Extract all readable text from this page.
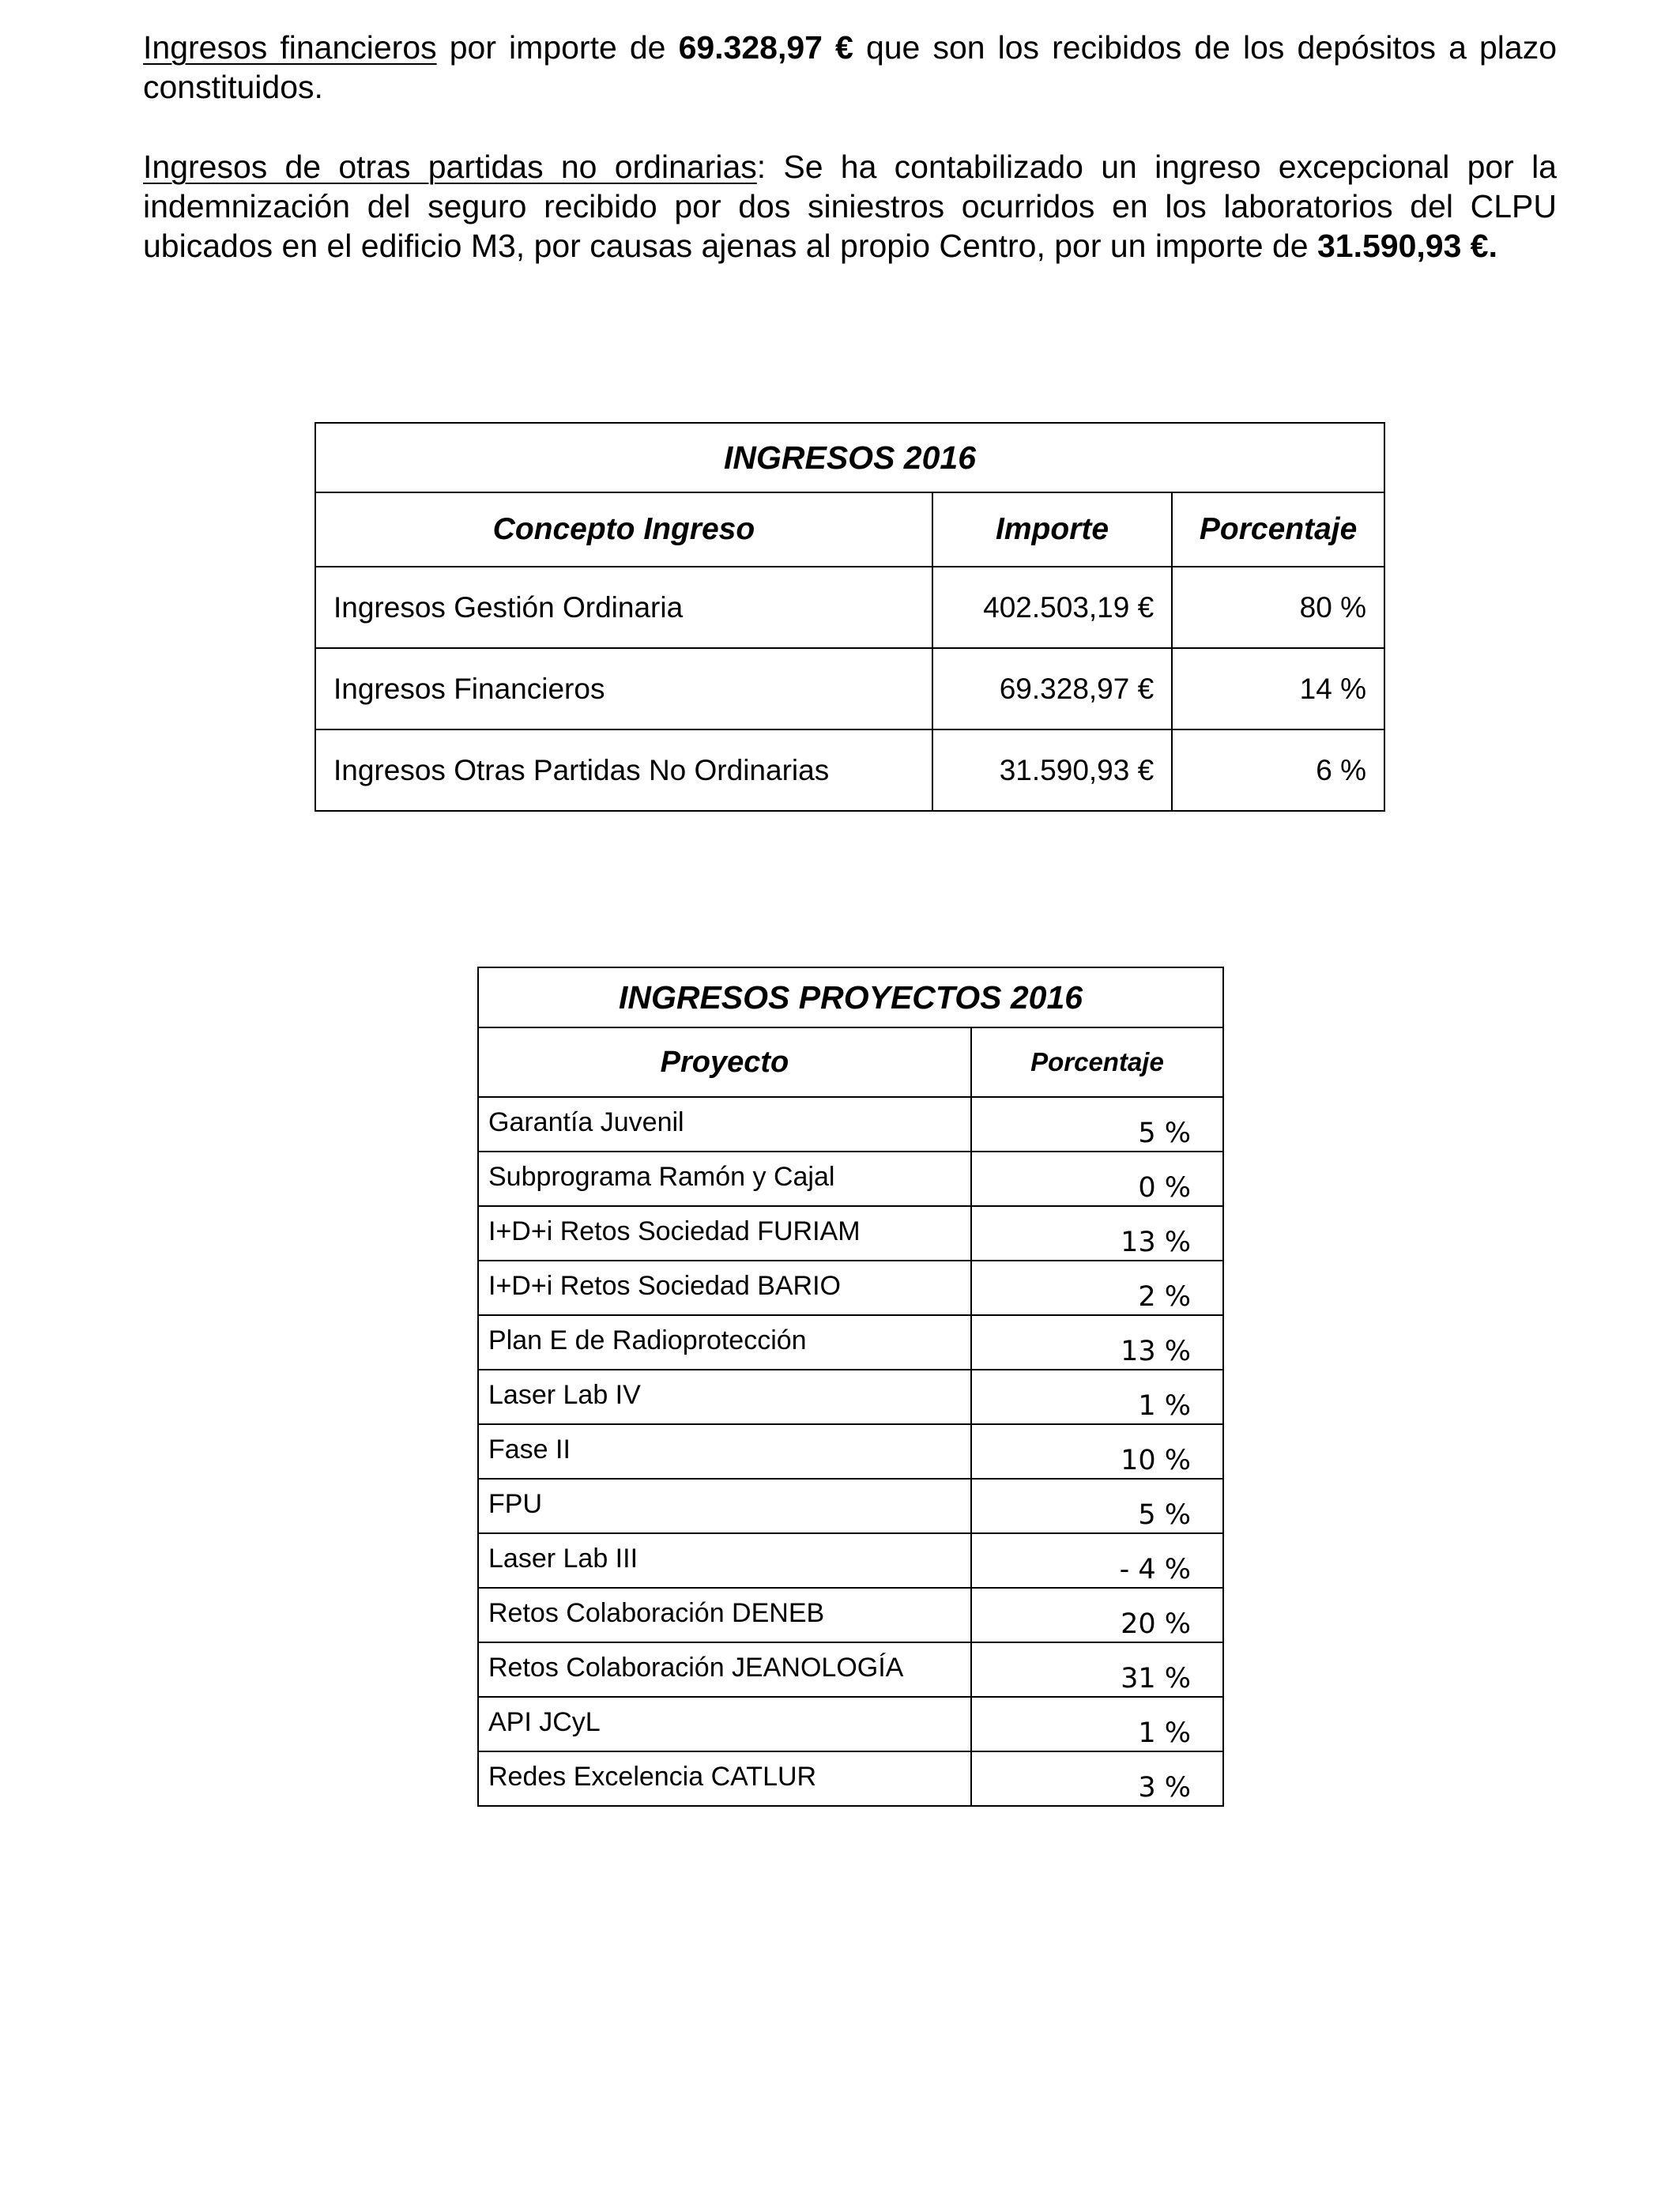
Ingresos financieros por importe de 69.328,97 € que son los recibidos de los depósitos a plazo constituidos.

Ingresos de otras partidas no ordinarias: Se ha contabilizado un ingreso excepcional por la indemnización del seguro recibido por dos siniestros ocurridos en los laboratorios del CLPU ubicados en el edificio M3, por causas ajenas al propio Centro, por un importe de 31.590,93 €.

INGRESOS 2016		
Concepto Ingreso	Importe	Porcentaje
Ingresos Gestión Ordinaria	402.503,19 €	80 %
Ingresos Financieros	69.328,97 €	14 %
Ingresos Otras Partidas No Ordinarias	31.590,93 €	6 %
INGRESOS PROYECTOS 2016	
Proyecto	Porcentaje
Garantía Juvenil	5 %
Subprograma Ramón y Cajal	0 %
I+D+i Retos Sociedad FURIAM	13 %
I+D+i Retos Sociedad BARIO	2 %
Plan E de Radioprotección	13 %
Laser Lab IV	1 %
Fase II	10 %
FPU	5 %
Laser Lab III	- 4 %
Retos Colaboración DENEB	20 %
Retos Colaboración JEANOLOGÍA	31 %
API JCyL	1 %
Redes Excelencia CATLUR	3 %
